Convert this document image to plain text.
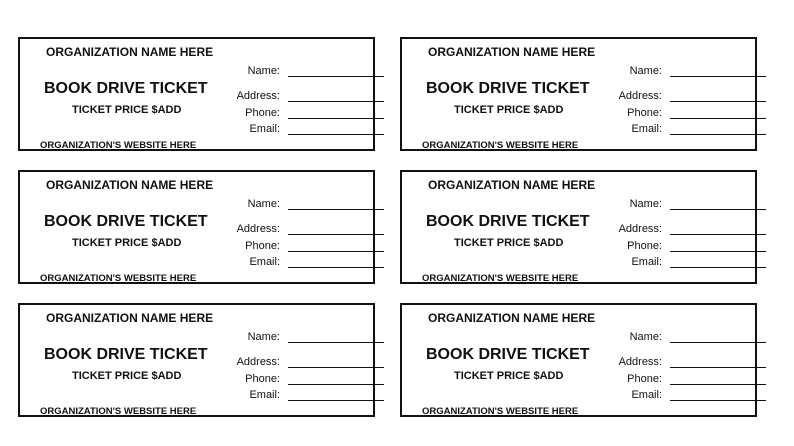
ORGANIZATION NAME HERE
BOOK DRIVE TICKET
TICKET PRICE $ADD
ORGANIZATION'S WEBSITE HERE
Name:
Address:
Phone:
Email:
ORGANIZATION NAME HERE
BOOK DRIVE TICKET
TICKET PRICE $ADD
ORGANIZATION'S WEBSITE HERE
Name:
Address:
Phone:
Email:
ORGANIZATION NAME HERE
BOOK DRIVE TICKET
TICKET PRICE $ADD
ORGANIZATION'S WEBSITE HERE
Name:
Address:
Phone:
Email:
ORGANIZATION NAME HERE
BOOK DRIVE TICKET
TICKET PRICE $ADD
ORGANIZATION'S WEBSITE HERE
Name:
Address:
Phone:
Email:
ORGANIZATION NAME HERE
BOOK DRIVE TICKET
TICKET PRICE $ADD
ORGANIZATION'S WEBSITE HERE
Name:
Address:
Phone:
Email:
ORGANIZATION NAME HERE
BOOK DRIVE TICKET
TICKET PRICE $ADD
ORGANIZATION'S WEBSITE HERE
Name:
Address:
Phone:
Email:
